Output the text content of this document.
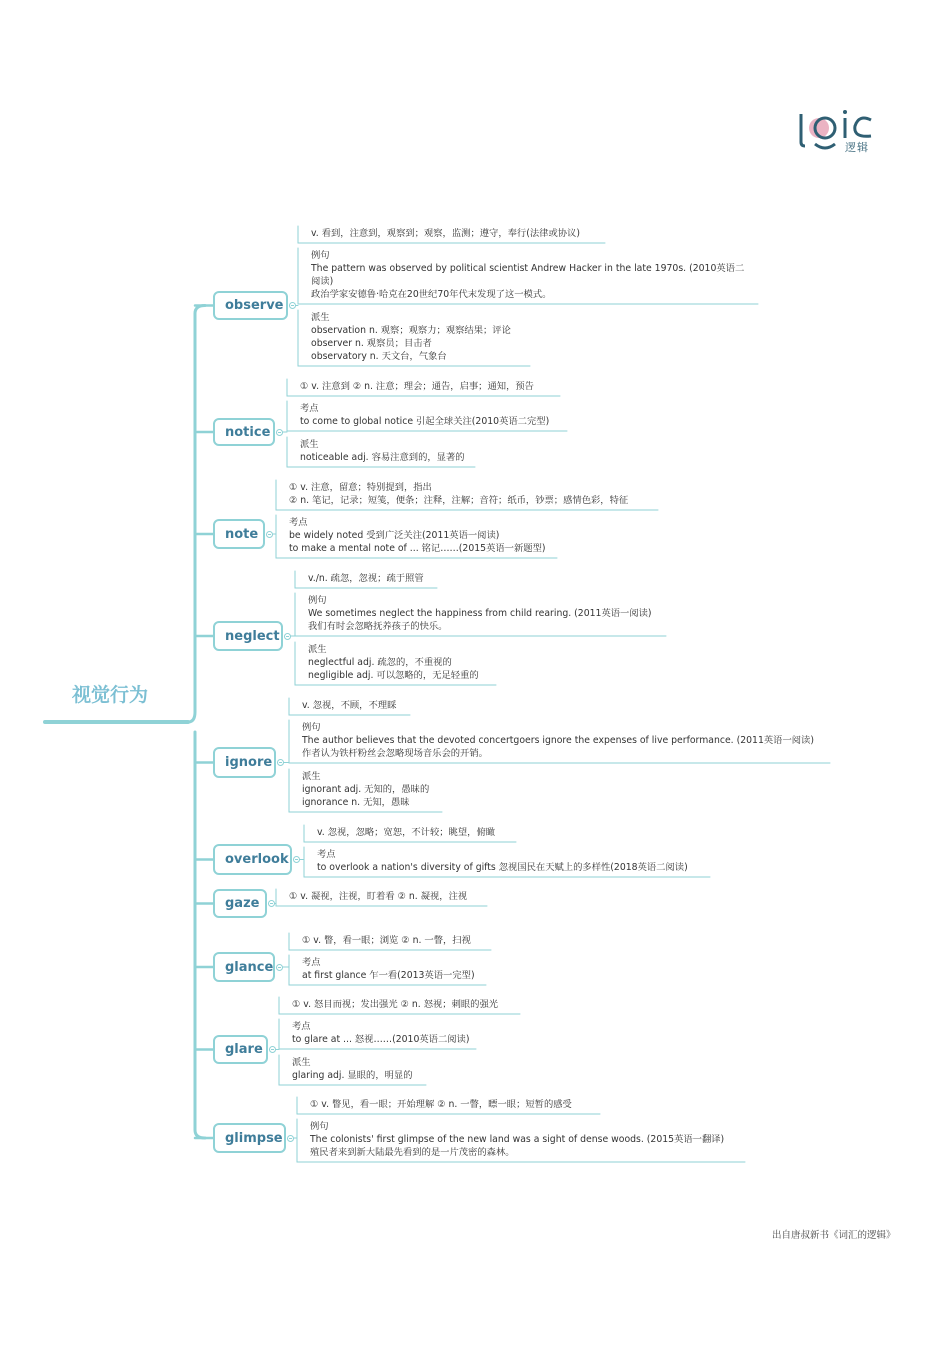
逻辑
视觉行为
observe
v. 看到，注意到，观察到；观察，监测；遵守，奉行(法律或协议)
例句
The pattern was observed by political scientist Andrew Hacker in the late 1970s. (2010英语二
阅读)
政治学家安德鲁·哈克在20世纪70年代末发现了这一模式。
派生
observation n. 观察；观察力；观察结果；评论
observer n. 观察员；目击者
observatory n. 天文台，气象台
notice
① v. 注意到 ② n. 注意；理会；通告，启事；通知，预告
考点
to come to global notice 引起全球关注(2010英语二完型)
派生
noticeable adj. 容易注意到的，显著的
note
① v. 注意，留意；特别提到，指出
② n. 笔记，记录；短笺，便条；注释，注解；音符；纸币，钞票；感情色彩，特征
考点
be widely noted 受到广泛关注(2011英语一阅读)
to make a mental note of ... 铭记……(2015英语一新题型)
neglect
v./n. 疏忽，忽视；疏于照管
例句
We sometimes neglect the happiness from child rearing. (2011英语一阅读)
我们有时会忽略抚养孩子的快乐。
派生
neglectful adj. 疏忽的，不重视的
negligible adj. 可以忽略的，无足轻重的
ignore
v. 忽视，不顾，不理睬
例句
The author believes that the devoted concertgoers ignore the expenses of live performance. (2011英语一阅读)
作者认为铁杆粉丝会忽略现场音乐会的开销。
派生
ignorant adj. 无知的，愚昧的
ignorance n. 无知，愚昧
overlook
v. 忽视，忽略；宽恕，不计较；眺望，俯瞰
考点
to overlook a nation's diversity of gifts 忽视国民在天赋上的多样性(2018英语二阅读)
gaze	① v. 凝视，注视，盯着看 ② n. 凝视，注视
glance
① v. 瞥，看一眼；浏览 ② n. 一瞥，扫视
考点
at first glance 乍一看(2013英语一完型)
glare
① v. 怒目而视；发出强光 ② n. 怒视；刺眼的强光
考点
to glare at ... 怒视……(2010英语二阅读)
派生
glaring adj. 显眼的，明显的
glimpse
① v. 瞥见，看一眼；开始理解 ② n. 一瞥，瞟一眼；短暂的感受
例句
The colonists' first glimpse of the new land was a sight of dense woods. (2015英语一翻译)
殖民者来到新大陆最先看到的是一片茂密的森林。
出自唐叔新书《词汇的逻辑》
